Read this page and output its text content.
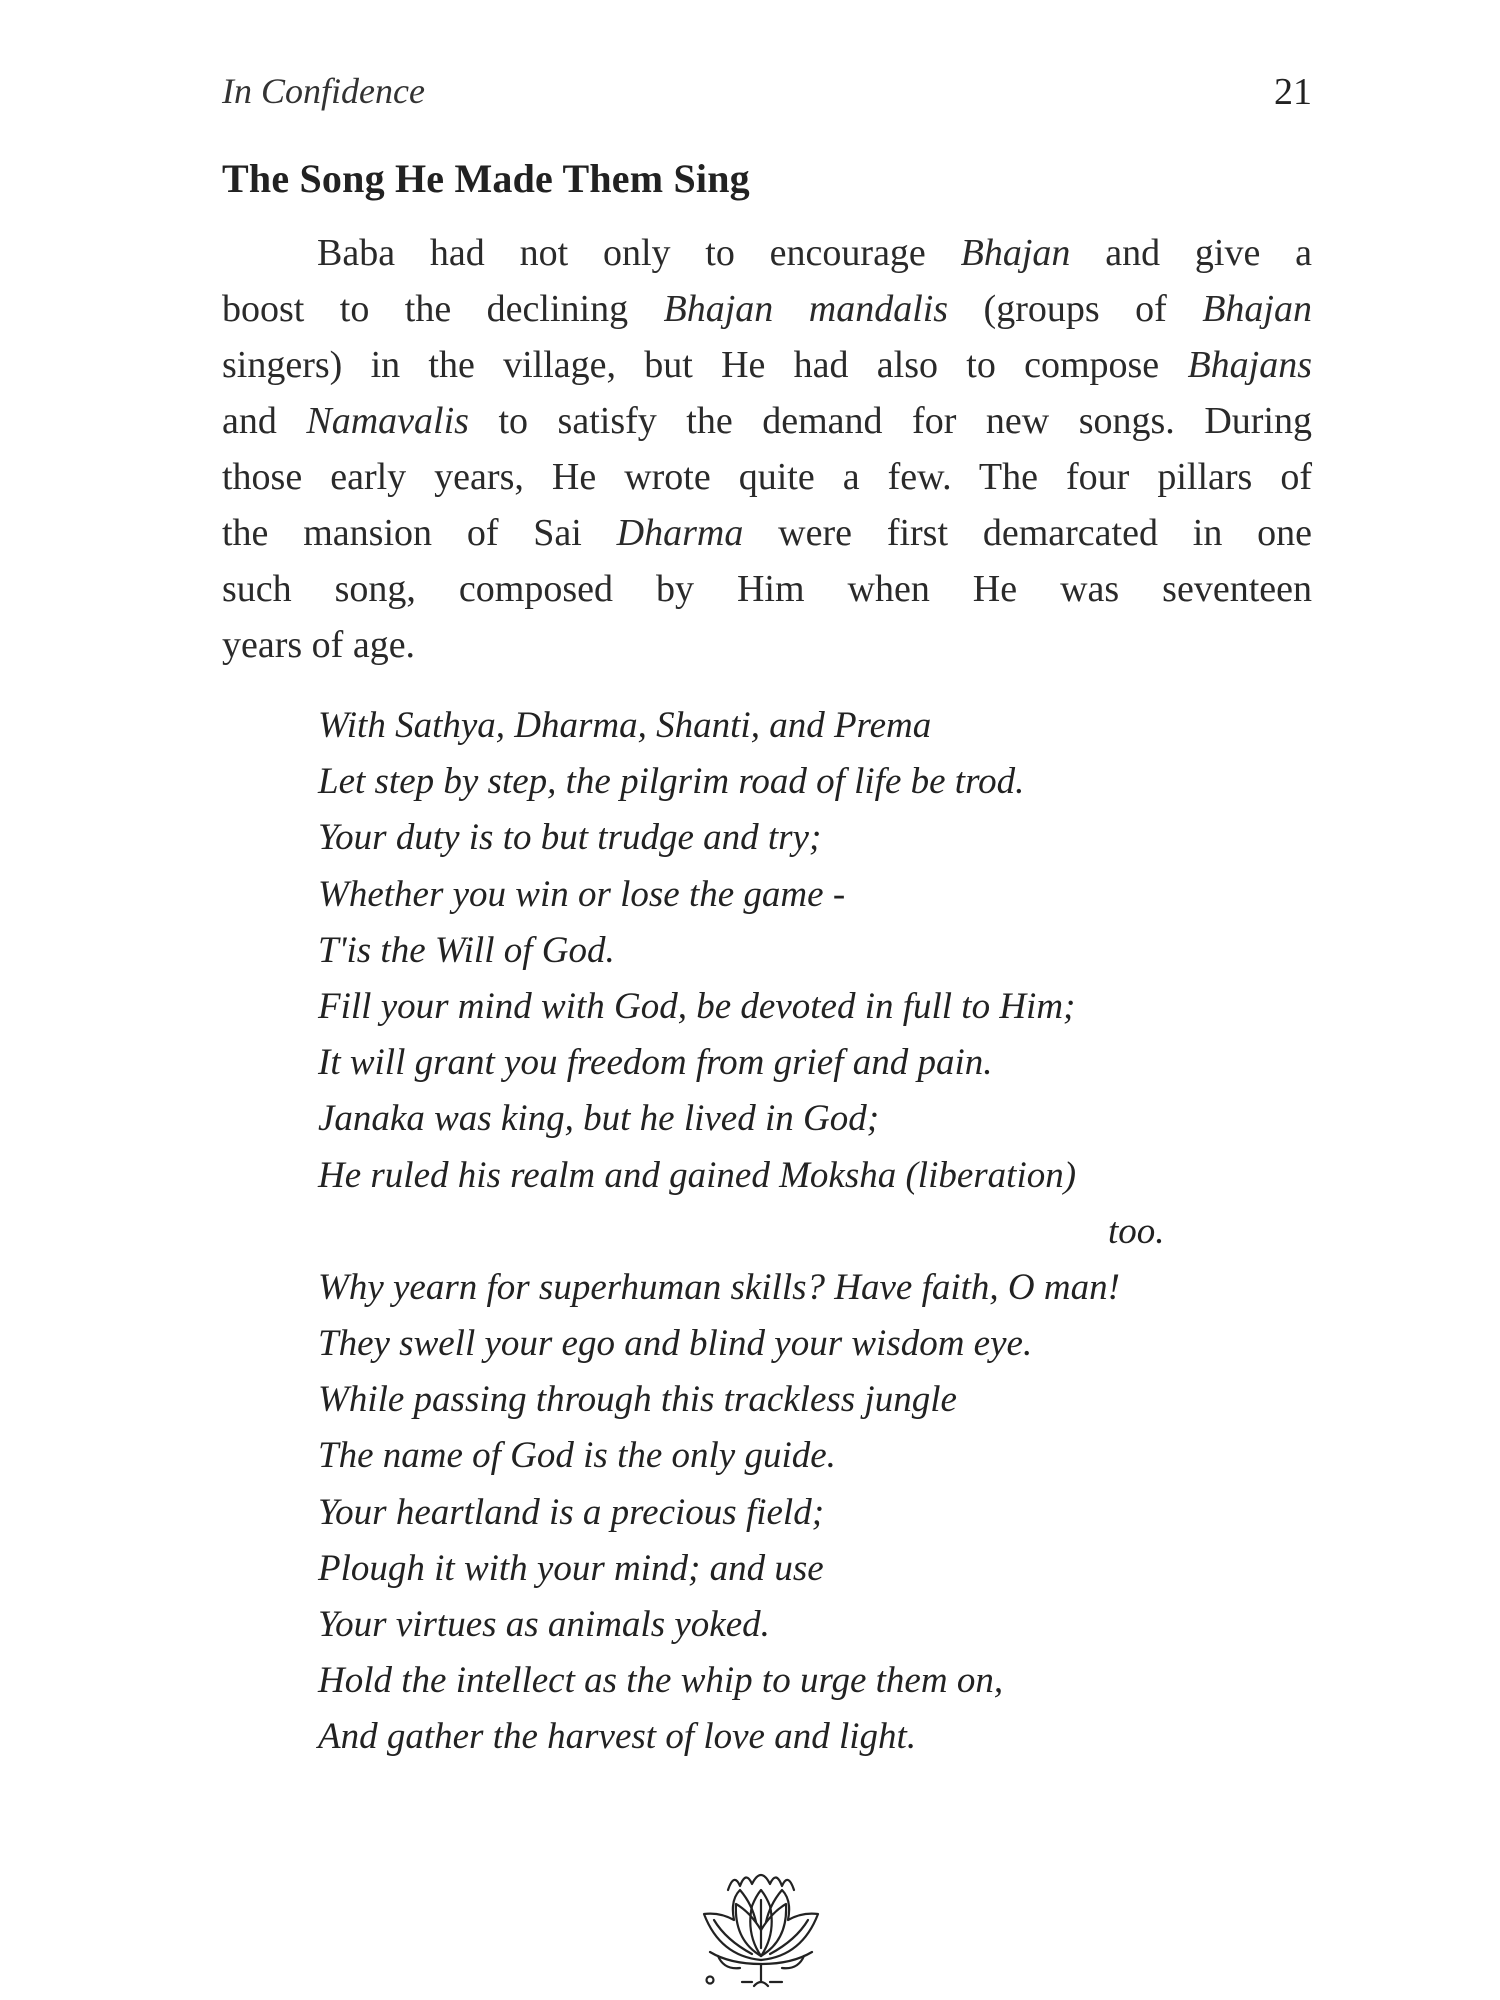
In Confidence	21
The Song He Made Them Sing
Baba had not only to encourage Bhajan and give a
boost to the declining Bhajan mandalis (groups of Bhajan
singers) in the village, but He had also to compose Bhajans
and Namavalis to satisfy the demand for new songs. During
those early years, He wrote quite a few. The four pillars of
the mansion of Sai Dharma were first demarcated in one
such song, composed by Him when He was seventeen
years of age.
With Sathya, Dharma, Shanti, and Prema
Let step by step, the pilgrim road of life be trod.
Your duty is to but trudge and try;
Whether you win or lose the game -
T'is the Will of God.
Fill your mind with God, be devoted in full to Him;
It will grant you freedom from grief and pain.
Janaka was king, but he lived in God;
He ruled his realm and gained Moksha (liberation)
too.
Why yearn for superhuman skills? Have faith, O man!
They swell your ego and blind your wisdom eye.
While passing through this trackless jungle
The name of God is the only guide.
Your heartland is a precious field;
Plough it with your mind; and use
Your virtues as animals yoked.
Hold the intellect as the whip to urge them on,
And gather the harvest of love and light.
